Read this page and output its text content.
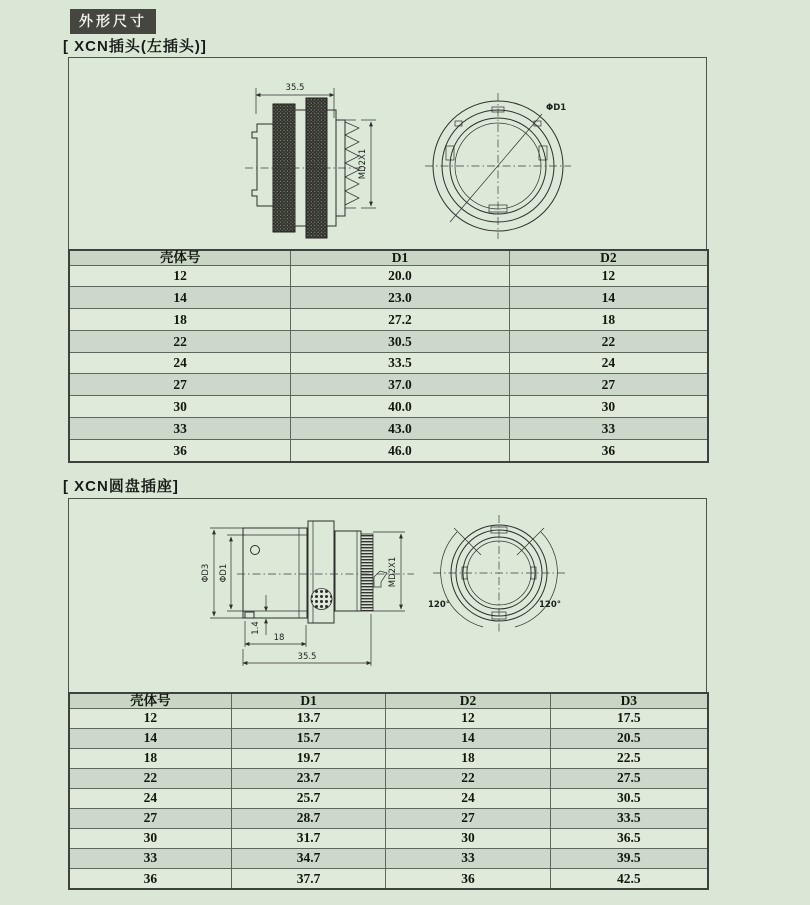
外形尺寸
[ XCN插头(左插头)]
35.5
MD2X1
ΦD1
壳体号	D1	D2
12	20.0	12
14	23.0	14
18	27.2	18
22	30.5	22
24	33.5	24
27	37.0	27
30	40.0	30
33	43.0	33
36	46.0	36
[ XCN圆盘插座]
ΦD3 ΦD1	MD2X1
1.4
18
35.5
120°	120°
壳体号	D1	D2	D3
12	13.7	12	17.5
14	15.7	14	20.5
18	19.7	18	22.5
22	23.7	22	27.5
24	25.7	24	30.5
27	28.7	27	33.5
30	31.7	30	36.5
33	34.7	33	39.5
36	37.7	36	42.5
